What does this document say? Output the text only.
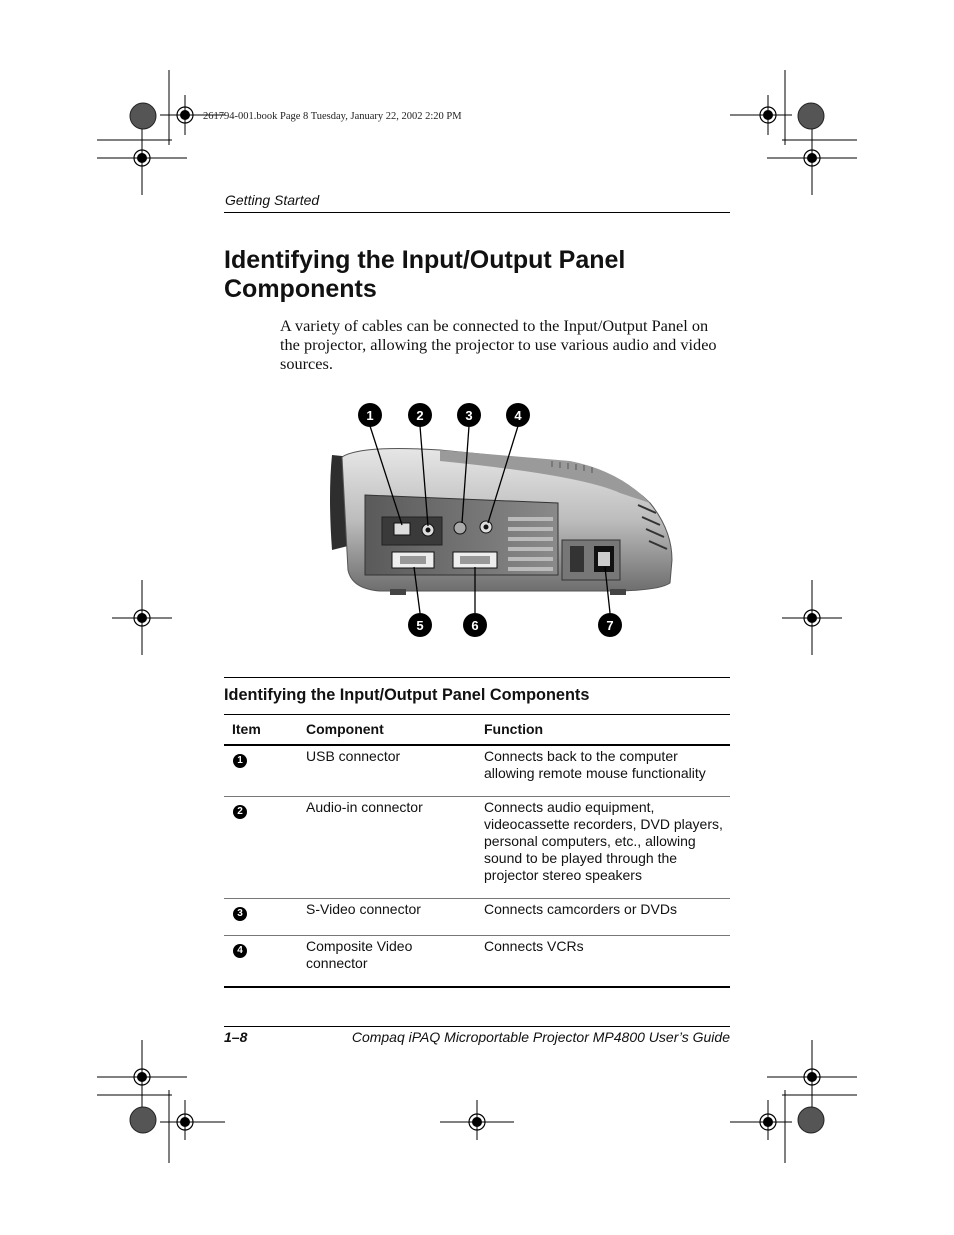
261794-001.book Page 8 Tuesday, January 22, 2002 2:20 PM
Getting Started
Identifying the Input/Output Panel Components

A variety of cables can be connected to the Input/Output Panel on the projector, allowing the projector to use various audio and video sources.

1	2	3	4
5	6	7
Identifying the Input/Output Panel Components
Item	Component	Function
1	USB connector	Connects back to the computer allowing remote mouse functionality
2	Audio-in connector	Connects audio equipment, videocassette recorders, DVD players, personal computers, etc., allowing sound to be played through the projector stereo speakers
3	S-Video connector	Connects camcorders or DVDs
4	Composite Video connector	Connects VCRs
1–8	Compaq iPAQ Microportable Projector MP4800 User’s Guide
